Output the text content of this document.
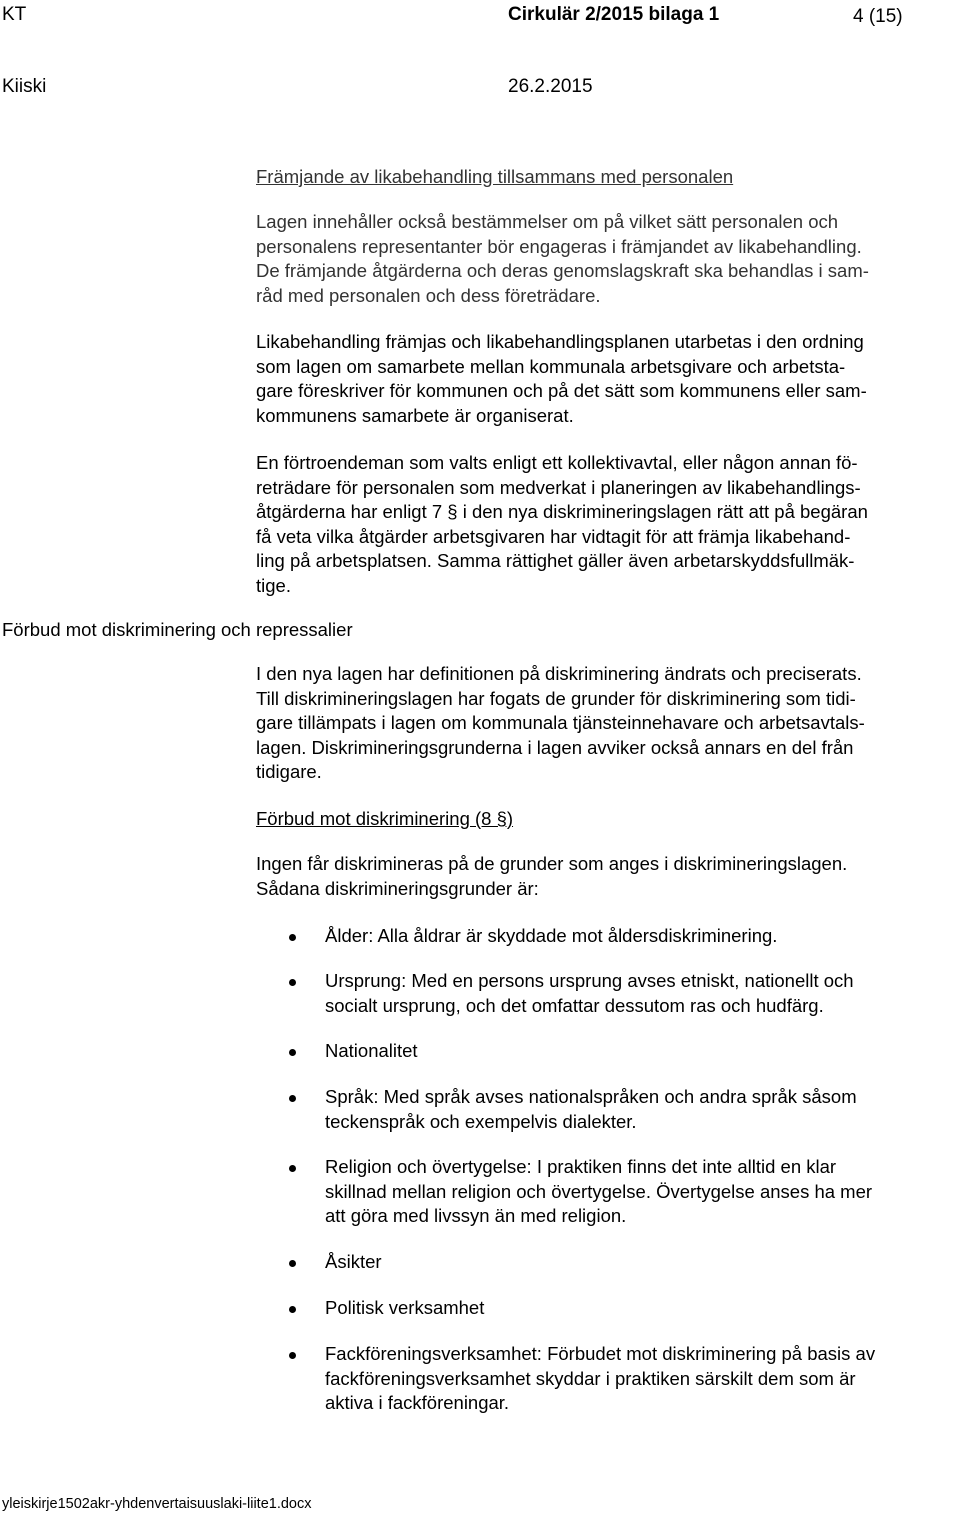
KT	Cirkulär 2/2015 bilaga 1	4 (15)
Kiiski	26.2.2015
Främjande av likabehandling tillsammans med personalen
Lagen innehåller också bestämmelser om på vilket sätt personalen och
personalens representanter bör engageras i främjandet av likabehandling.
De främjande åtgärderna och deras genomslagskraft ska behandlas i sam-
råd med personalen och dess företrädare.
Likabehandling främjas och likabehandlingsplanen utarbetas i den ordning
som lagen om samarbete mellan kommunala arbetsgivare och arbetsta-
gare föreskriver för kommunen och på det sätt som kommunens eller sam-
kommunens samarbete är organiserat.
En förtroendeman som valts enligt ett kollektivavtal, eller någon annan fö-
reträdare för personalen som medverkat i planeringen av likabehandlings-
åtgärderna har enligt 7 § i den nya diskrimineringslagen rätt att på begäran
få veta vilka åtgärder arbetsgivaren har vidtagit för att främja likabehand-
ling på arbetsplatsen. Samma rättighet gäller även arbetarskyddsfullmäk-
tige.
Förbud mot diskriminering och repressalier
I den nya lagen har definitionen på diskriminering ändrats och preciserats.
Till diskrimineringslagen har fogats de grunder för diskriminering som tidi-
gare tillämpats i lagen om kommunala tjänsteinnehavare och arbetsavtals-
lagen. Diskrimineringsgrunderna i lagen avviker också annars en del från
tidigare.
Förbud mot diskriminering (8 §)
Ingen får diskrimineras på de grunder som anges i diskrimineringslagen.
Sådana diskrimineringsgrunder är:
Ålder: Alla åldrar är skyddade mot åldersdiskriminering.
Ursprung: Med en persons ursprung avses etniskt, nationellt och
socialt ursprung, och det omfattar dessutom ras och hudfärg.
Nationalitet
Språk: Med språk avses nationalspråken och andra språk såsom
teckenspråk och exempelvis dialekter.
Religion och övertygelse: I praktiken finns det inte alltid en klar
skillnad mellan religion och övertygelse. Övertygelse anses ha mer
att göra med livssyn än med religion.
Åsikter
Politisk verksamhet
Fackföreningsverksamhet: Förbudet mot diskriminering på basis av
fackföreningsverksamhet skyddar i praktiken särskilt dem som är
aktiva i fackföreningar.
yleiskirje1502akr-yhdenvertaisuuslaki-liite1.docx
